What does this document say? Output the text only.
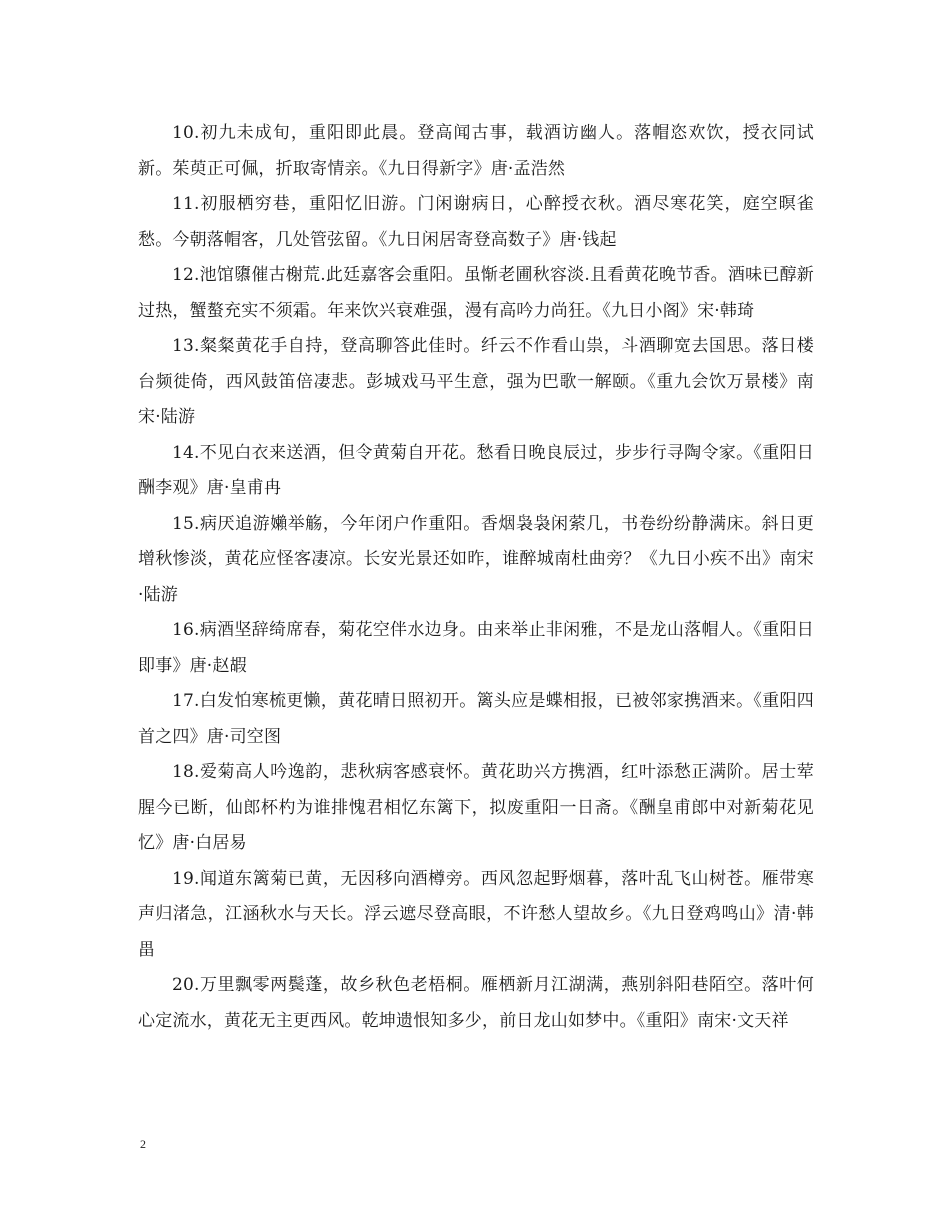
10.初九未成旬，重阳即此晨。登高闻古事，载酒访幽人。落帽恣欢饮，授衣同试新。茱萸正可佩，折取寄情亲。《九日得新字》唐·孟浩然

11.初服栖穷巷，重阳忆旧游。门闲谢病日，心醉授衣秋。酒尽寒花笑，庭空暝雀愁。今朝落帽客，几处管弦留。《九日闲居寄登高数子》唐·钱起

12.池馆隳催古榭荒.此廷嘉客会重阳。虽惭老圃秋容淡.且看黄花晚节香。酒味已醇新过热，蟹螯充实不须霜。年来饮兴衰难强，漫有高吟力尚狂。《九日小阁》宋·韩琦

13.粲粲黄花手自持，登高聊答此佳时。纤云不作看山祟，斗酒聊宽去国思。落日楼台频徙倚，西风鼓笛倍凄悲。彭城戏马平生意，强为巴歌一解颐。《重九会饮万景楼》南宋·陆游

14.不见白衣来送酒，但令黄菊自开花。愁看日晚良辰过，步步行寻陶令家。《重阳日酬李观》唐·皇甫冉

15.病厌追游嬾举觞，今年闭户作重阳。香烟袅袅闲萦几，书卷纷纷静满床。斜日更增秋惨淡，黄花应怪客凄凉。长安光景还如昨，谁醉城南杜曲旁？《九日小疾不出》南宋·陆游

16.病酒坚辞绮席春，菊花空伴水边身。由来举止非闲雅，不是龙山落帽人。《重阳日即事》唐·赵嘏

17.白发怕寒梳更懒，黄花晴日照初开。篱头应是蝶相报，已被邻家携酒来。《重阳四首之四》唐·司空图

18.爱菊高人吟逸韵，悲秋病客感衰怀。黄花助兴方携酒，红叶添愁正满阶。居士荤腥今已断，仙郎杯杓为谁排愧君相忆东篱下，拟废重阳一日斋。《酬皇甫郎中对新菊花见忆》唐·白居易

19.闻道东篱菊已黄，无因移向酒樽旁。西风忽起野烟暮，落叶乱飞山树苍。雁带寒声归渚急，江涵秋水与天长。浮云遮尽登高眼，不许愁人望故乡。《九日登鸡鸣山》清·韩畕

20.万里飘零两鬓蓬，故乡秋色老梧桐。雁栖新月江湖满，燕别斜阳巷陌空。落叶何心定流水，黄花无主更西风。乾坤遗恨知多少，前日龙山如梦中。《重阳》南宋·文天祥

2
